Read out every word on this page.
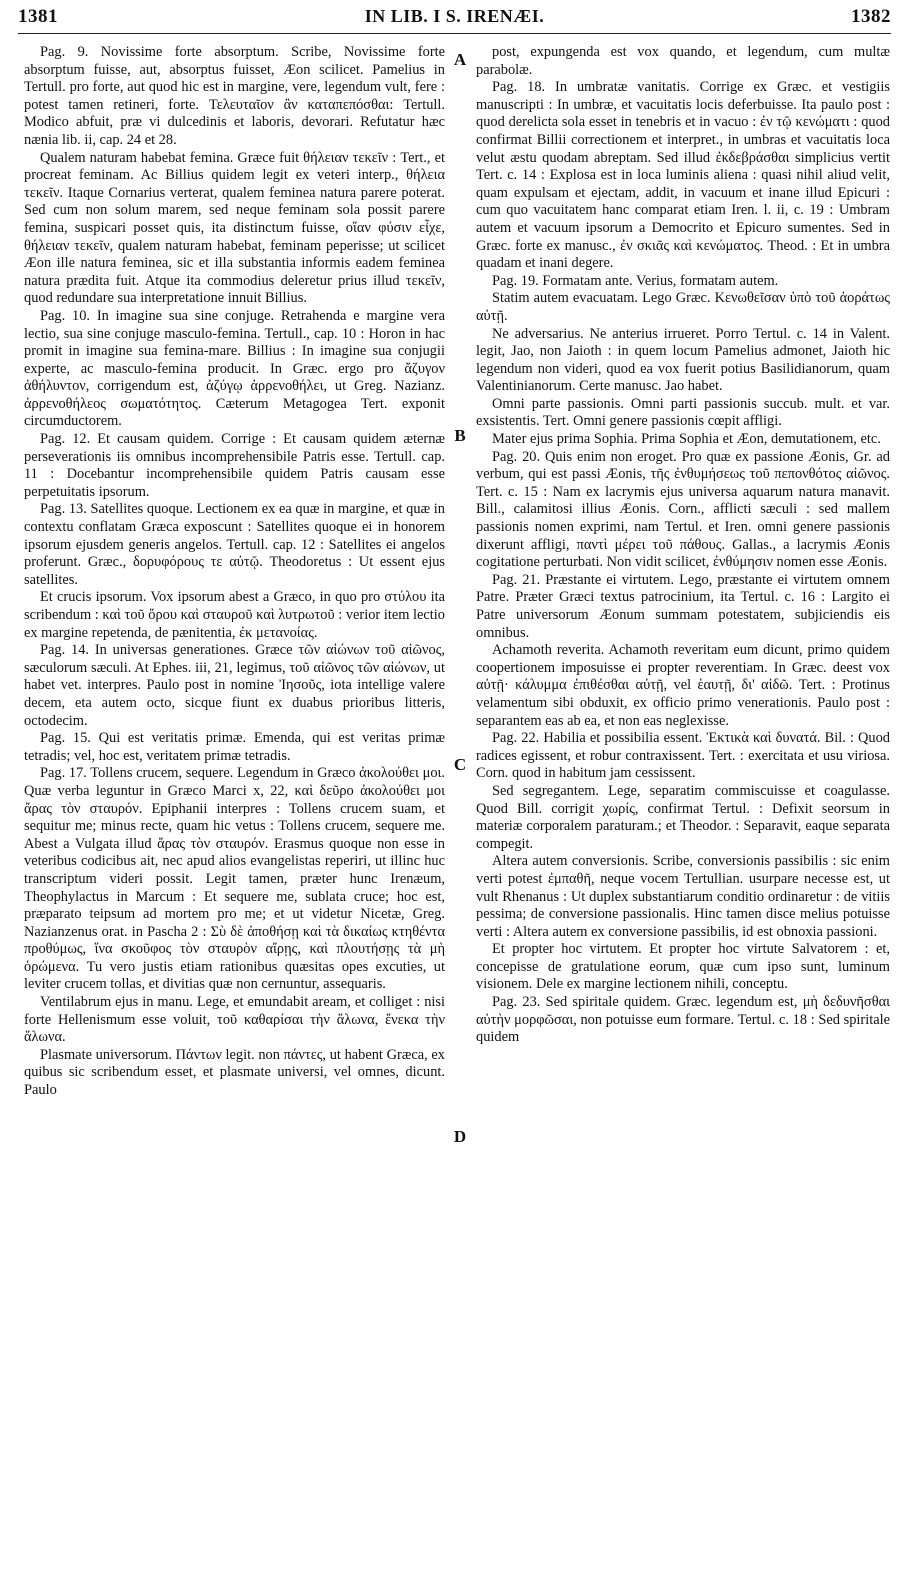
1381	IN LIB. I S. IRENÆI.	1382

Pag. 9. Novissime forte absorptum. Scribe, Novissime forte absorptum fuisse, aut, absorptus fuisset, Æon scilicet. Pamelius in Tertull. pro forte, aut quod hic est in margine, vere, legendum vult, fere : potest tamen retineri, forte. Τελευταῖον ἂν καταπεπόσθαι: Tertull. Modico abfuit, præ vi dulcedinis et laboris, devorari. Refutatur hæc nænia lib. ii, cap. 24 et 28.

Qualem naturam habebat femina. Græce fuit θήλειαν τεκεῖν : Tert., et procreat feminam. Ac Billius quidem legit ex veteri interp., θήλεια τεκεῖν. Itaque Cornarius verterat, qualem feminea natura parere poterat. Sed cum non solum marem, sed neque feminam sola possit parere femina, suspicari posset quis, ita distinctum fuisse, οἵαν φύσιν εἶχε, θήλειαν τεκεῖν, qualem naturam habebat, feminam peperisse; ut scilicet Æon ille natura feminea, sic et illa substantia informis eadem feminea natura prædita fuit. Atque ita commodius deleretur prius illud τεκεῖν, quod redundare sua interpretatione innuit Billius.

Pag. 10. In imagine sua sine conjuge. Retrahenda e margine vera lectio, sua sine conjuge masculo-femina. Tertull., cap. 10 : Horon in hac promit in imagine sua femina-mare. Billius : In imagine sua conjugii experte, ac masculo-femina producit. In Græc. ergo pro ἄζυγον ἀθήλυντον, corrigendum est, ἀζύγῳ ἀρρενοθήλει, ut Greg. Nazianz. ἀρρενοθήλεος σωματότητος. Cæterum Metagogea Tert. exponit circumductorem.

Pag. 12. Et causam quidem. Corrige : Et causam quidem æternæ perseverationis iis omnibus incomprehensibile Patris esse. Tertull. cap. 11 : Docebantur incomprehensibile quidem Patris causam esse perpetuitatis ipsorum.

Pag. 13. Satellites quoque. Lectionem ex ea quæ in margine, et quæ in contextu conflatam Græca exposcunt : Satellites quoque ei in honorem ipsorum ejusdem generis angelos. Tertull. cap. 12 : Satellites ei angelos proferunt. Græc., δορυφόρους τε αὐτῷ. Theodoretus : Ut essent ejus satellites.

Et crucis ipsorum. Vox ipsorum abest a Græco, in quo pro στύλου ita scribendum : καὶ τοῦ ὅρου καὶ σταυροῦ καὶ λυτρωτοῦ : verior item lectio ex margine repetenda, de pænitentia, ἐκ μετανοίας.

Pag. 14. In universas generationes. Græce τῶν αἰώνων τοῦ αἰῶνος, sæculorum sæculi. At Ephes. iii, 21, legimus, τοῦ αἰῶνος τῶν αἰώνων, ut habet vet. interpres. Paulo post in nomine Ἰησοῦς, iota intellige valere decem, eta autem octo, sicque fiunt ex duabus prioribus litteris, octodecim.

Pag. 15. Qui est veritatis primæ. Emenda, qui est veritas primæ tetradis; vel, hoc est, veritatem primæ tetradis.

Pag. 17. Tollens crucem, sequere. Legendum in Græco ἀκολούθει μοι. Quæ verba leguntur in Græco Marci x, 22, καὶ δεῦρο ἀκολούθει μοι ἄρας τὸν σταυρόν. Epiphanii interpres : Tollens crucem suam, et sequitur me; minus recte, quam hic vetus : Tollens crucem, sequere me. Abest a Vulgata illud ἄρας τὸν σταυρόν. Erasmus quoque non esse in veteribus codicibus ait, nec apud alios evangelistas reperiri, ut illinc huc transcriptum videri possit. Legit tamen, præter hunc Irenæum, Theophylactus in Marcum : Et sequere me, sublata cruce; hoc est, præparato teipsum ad mortem pro me; et ut videtur Nicetæ, Greg. Nazianzenus orat. in Pascha 2 : Σὺ δὲ ἀποθήσῃ καὶ τὰ δικαίως κτηθέντα προθύμως, ἵνα σκοῦφος τὸν σταυρὸν αἴρῃς, καὶ πλουτήσῃς τὰ μὴ ὁρώμενα. Tu vero justis etiam rationibus quæsitas opes excuties, ut leviter crucem tollas, et divitias quæ non cernuntur, assequaris.

Ventilabrum ejus in manu. Lege, et emundabit aream, et colliget : nisi forte Hellenismum esse voluit, τοῦ καθαρίσαι τὴν ἅλωνα, ἕνεκα τὴν ἅλωνα.

Plasmate universorum. Πάντων legit. non πάντες, ut habent Græca, ex quibus sic scribendum esset, et plasmate universi, vel omnes, dicunt. Paulo

A
B
C
D

post, expungenda est vox quando, et legendum, cum multæ parabolæ.

Pag. 18. In umbratæ vanitatis. Corrige ex Græc. et vestigiis manuscripti : In umbræ, et vacuitatis locis deferbuisse. Ita paulo post : quod derelicta sola esset in tenebris et in vacuo : ἐν τῷ κενώματι : quod confirmat Billii correctionem et interpret., in umbras et vacuitatis loca velut æstu quodam abreptam. Sed illud ἐκδεβράσθαι simplicius vertit Tert. c. 14 : Explosa est in loca luminis aliena : quasi nihil aliud velit, quam expulsam et ejectam, addit, in vacuum et inane illud Epicuri : cum quo vacuitatem hanc comparat etiam Iren. l. ii, c. 19 : Umbram autem et vacuum ipsorum a Democrito et Epicuro sumentes. Sed in Græc. forte ex manusc., ἐν σκιᾶς καὶ κενώματος. Theod. : Et in umbra quadam et inani degere.

Pag. 19. Formatam ante. Verius, formatam autem.

Statim autem evacuatam. Lego Græc. Κενωθεῖσαν ὑπὸ τοῦ ἀοράτως αὐτῇ.

Ne adversarius. Ne anterius irrueret. Porro Tertul. c. 14 in Valent. legit, Jao, non Jaioth : in quem locum Pamelius admonet, Jaioth hic legendum non videri, quod ea vox fuerit potius Basilidianorum, quam Valentinianorum. Certe manusc. Jao habet.

Omni parte passionis. Omni parti passionis succub. mult. et var. exsistentis. Tert. Omni genere passionis cœpit affligi.

Mater ejus prima Sophia. Prima Sophia et Æon, demutationem, etc.

Pag. 20. Quis enim non eroget. Pro quæ ex passione Æonis, Gr. ad verbum, qui est passi Æonis, τῆς ἐνθυμήσεως τοῦ πεπονθότος αἰῶνος. Tert. c. 15 : Nam ex lacrymis ejus universa aquarum natura manavit. Bill., calamitosi illius Æonis. Corn., afflicti sæculi : sed mallem passionis nomen exprimi, nam Tertul. et Iren. omni genere passionis dixerunt affligi, παντὶ μέρει τοῦ πάθους. Gallas., a lacrymis Æonis cogitatione perturbati. Non vidit scilicet, ἐνθύμησιν nomen esse Æonis.

Pag. 21. Præstante ei virtutem. Lego, præstante ei virtutem omnem Patre. Præter Græci textus patrocinium, ita Tertul. c. 16 : Largito ei Patre universorum Æonum summam potestatem, subjiciendis eis omnibus.

Achamoth reverita. Achamoth reveritam eum dicunt, primo quidem coopertionem imposuisse ei propter reverentiam. In Græc. deest vox αὐτῇ· κάλυμμα ἐπιθέσθαι αὐτῇ, vel ἑαυτῇ, δι' αἰδῶ. Tert. : Protinus velamentum sibi obduxit, ex officio primo venerationis. Paulo post : separantem eas ab ea, et non eas neglexisse.

Pag. 22. Habilia et possibilia essent. Ἐκτικὰ καὶ δυνατά. Bil. : Quod radices egissent, et robur contraxissent. Tert. : exercitata et usu viriosa. Corn. quod in habitum jam cessissent.

Sed segregantem. Lege, separatim commiscuisse et coagulasse. Quod Bill. corrigit χωρίς, confirmat Tertul. : Defixit seorsum in materiæ corporalem paraturam.; et Theodor. : Separavit, eaque separata compegit.

Altera autem conversionis. Scribe, conversionis passibilis : sic enim verti potest ἐμπαθῆ, neque vocem Tertullian. usurpare necesse est, ut vult Rhenanus : Ut duplex substantiarum conditio ordinaretur : de vitiis pessima; de conversione passionalis. Hinc tamen disce melius potuisse verti : Altera autem ex conversione passibilis, id est obnoxia passioni.

Et propter hoc virtutem. Et propter hoc virtute Salvatorem : et, concepisse de gratulatione eorum, quæ cum ipso sunt, luminum visionem. Dele ex margine lectionem nihili, conceptu.

Pag. 23. Sed spiritale quidem. Græc. legendum est, μὴ δεδυνῆσθαι αὐτὴν μορφῶσαι, non potuisse eum formare. Tertul. c. 18 : Sed spiritale quidem
